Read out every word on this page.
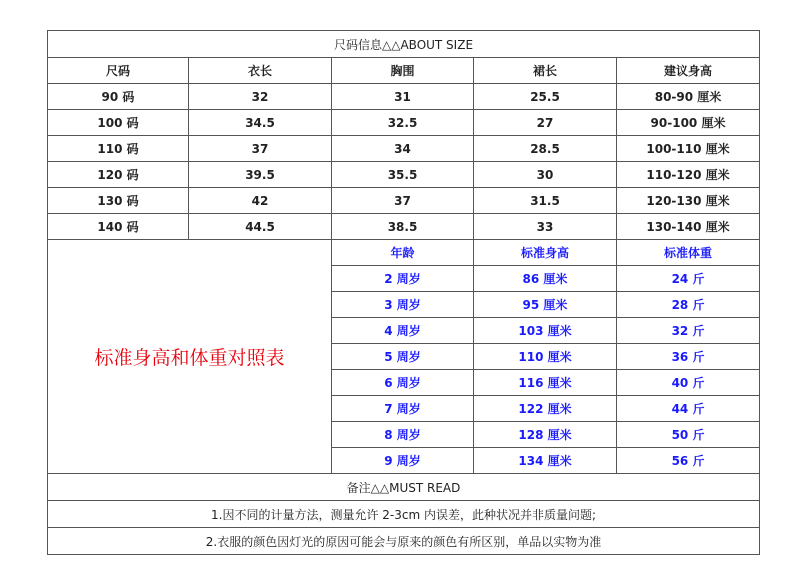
尺码信息△△ABOUT SIZE				
尺码	衣长	胸围	裙长	建议身高
90 码	32	31	25.5	80-90 厘米
100 码	34.5	32.5	27	90-100 厘米
110 码	37	34	28.5	100-110 厘米
120 码	39.5	35.5	30	110-120 厘米
130 码	42	37	31.5	120-130 厘米
140 码	44.5	38.5	33	130-140 厘米
标准身高和体重对照表		年龄	标准身高	标准体重
		2 周岁	86 厘米	24 斤
		3 周岁	95 厘米	28 斤
		4 周岁	103 厘米	32 斤
		5 周岁	110 厘米	36 斤
		6 周岁	116 厘米	40 斤
		7 周岁	122 厘米	44 斤
		8 周岁	128 厘米	50 斤
		9 周岁	134 厘米	56 斤
备注△△MUST READ				
1.因不同的计量方法，测量允许 2-3cm 内误差，此种状况并非质量问题;				
2.衣服的颜色因灯光的原因可能会与原来的颜色有所区别，单品以实物为准				
